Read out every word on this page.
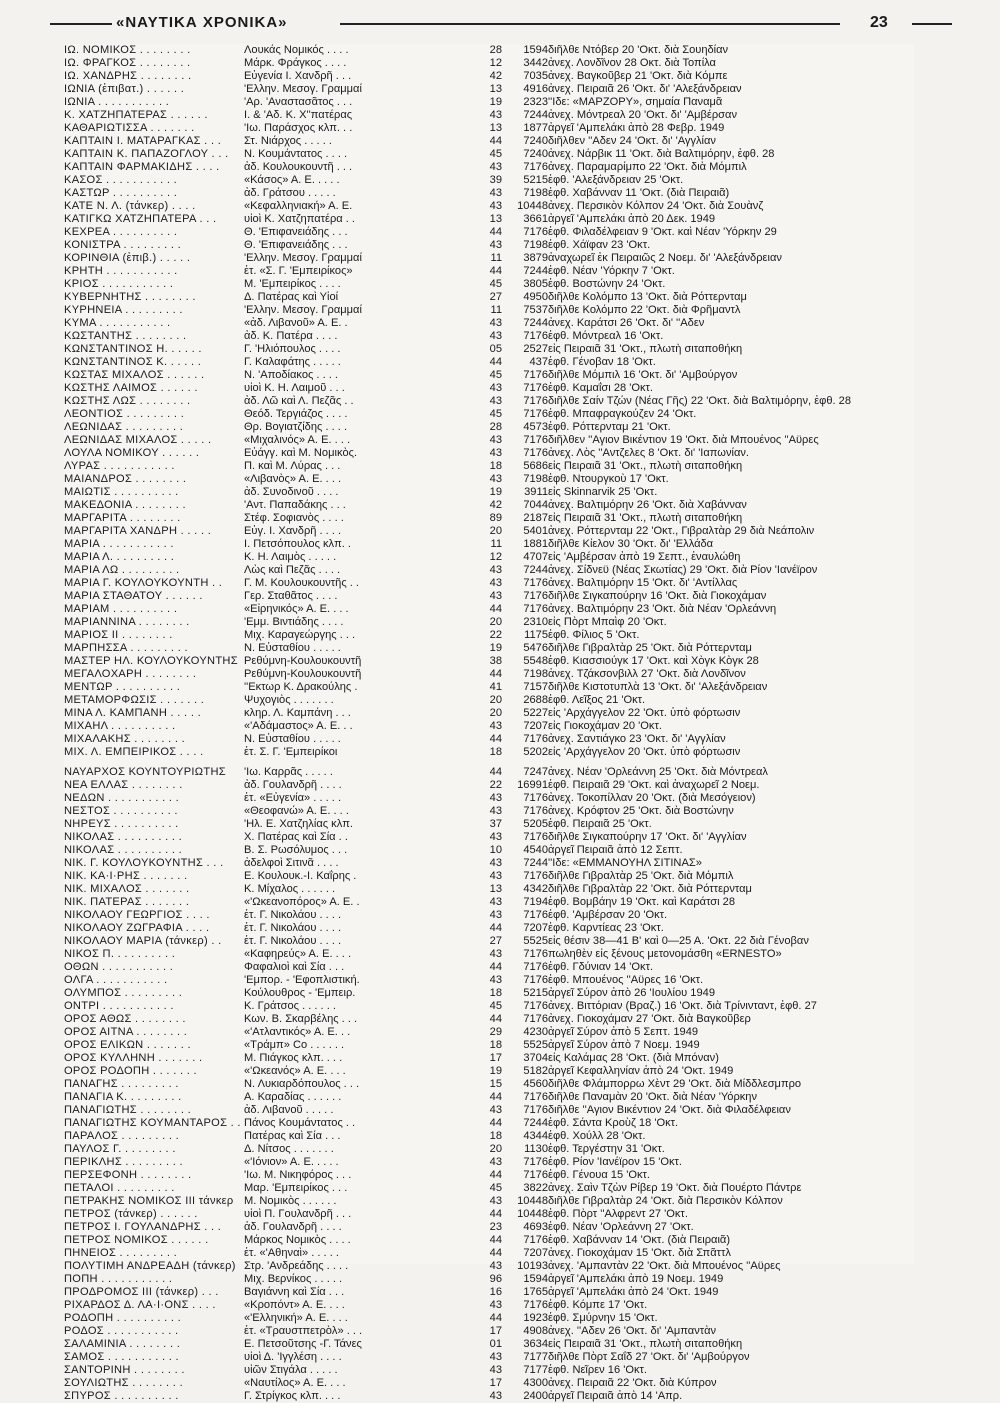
«ΝΑΥΤΙΚΑ ΧΡΟΝΙΚΑ»	23
ΙΩ. ΝΟΜΙΚΟΣ . . . . . . . .	Λουκάς Νομικός . . . .	28	1594	διῆλθε Ντόβερ 20 'Οκτ. διὰ Σουηδίαν
ΙΩ. ΦΡΑΓΚΟΣ . . . . . . . .	Μάρκ. Φράγκος . . . .	12	3442	ἀνεχ. Λονδῖνον 28 Οκτ. διὰ Τοπίλα
ΙΩ. ΧΑΝΔΡΗΣ . . . . . . . .	Εὐγενία Ι. Χανδρῆ . . .	42	7035	ἀνεχ. Βαγκοῦβερ 21 'Οκτ. διὰ Κόμπε
ΙΩΝΙΑ (ἐπιβατ.) . . . . . .	'Ελλην. Μεσογ. Γραμμαί	13	4916	ἀνεχ. Πειραιᾶ 26 'Οκτ. δι' 'Αλεξάνδρειαν
ΙΩΝΙΑ . . . . . . . . . . .	'Αρ. 'Αναστασᾶτος . . .	19	2323	''Ιδε: «ΜΑΡΖΟΡΥ», σημαία Παναμᾶ
Κ. ΧΑΤΖΗΠΑΤΕΡΑΣ . . . . . .	Ι. & 'Αδ. Κ. Χ''πατέρας	43	7244	ἀνεχ. Μόντρεαλ 20 'Οκτ. δι' 'Αμβέρσαν
ΚΑΘΑΡΙΩΤΙΣΣΑ . . . . . . .	'Ιω. Παράσχος κλπ. . .	13	1877	ἀργεῖ 'Αμπελάκι ἀπὸ 28 Φεβρ. 1949
ΚΑΠΤΑΙΝ Ι. ΜΑΤΑΡΑΓΚΑΣ . . .	Στ. Νιάρχος . . . . .	44	7240	διῆλθεν ''Αδεν 24 'Οκτ. δι' 'Αγγλίαν
ΚΑΠΤΑΙΝ Κ. ΠΑΠΑΖΟΓΛΟΥ . . .	Ν. Κουμάντατος . . . .	45	7240	ἀνεχ. Νάρβικ 11 'Οκτ. διὰ Βαλτιμόρην, ἐφθ. 28
ΚΑΠΤΑΙΝ ΦΑΡΜΑΚΙΔΗΣ . . . .	ἀδ. Κουλουκουντῆ . . .	43	7176	ἀνεχ. Παραμαρίμπο 22 'Οκτ. διὰ Μόμπιλ
ΚΑΣΟΣ . . . . . . . . . . .	«Κάσος» Α. Ε. . . . .	39	5215	ἐφθ. 'Αλεξάνδρειαν 25 'Οκτ.
ΚΑΣΤΩΡ . . . . . . . . . .	ἀδ. Γράτσου . . . . .	43	7198	ἐφθ. Χαβάνναν 11 'Οκτ. (διὰ Πειραιᾶ)
ΚΑΤΕ Ν. Λ. (τάνκερ) . . . .	«Κεφαλληνιακή» Α. Ε.	43	10448	ἀνεχ. Περσικὸν Κόλπον 24 'Οκτ. διὰ Σουὰνζ
ΚΑΤΙΓΚΩ ΧΑΤΖΗΠΑΤΕΡΑ . . .	υἱοὶ Κ. Χατζηπατέρα . .	13	3661	ἀργεῖ 'Αμπελάκι ἀπὸ 20 Δεκ. 1949
ΚΕΧΡΕΑ . . . . . . . . . .	Θ. 'Επιφανειάδης . . .	44	7176	ἐφθ. Φιλαδέλφειαν 9 'Οκτ. καὶ Νέαν 'Υόρκην 29
ΚΟΝΙΣΤΡΑ . . . . . . . . .	Θ. 'Επιφανειάδης . . .	43	7198	ἐφθ. Χάϊφαν 23 'Οκτ.
ΚΟΡΙΝΘΙΑ (ἐπιβ.) . . . . .	'Ελλην. Μεσογ. Γραμμαί	11	3879	ἀναχωρεῖ ἐκ Πειραιῶς 2 Νοεμ. δι' 'Αλεξάνδρειαν
ΚΡΗΤΗ . . . . . . . . . . .	ἑτ. «Σ. Γ. 'Εμπειρίκος»	44	7244	ἐφθ. Νέαν 'Υόρκην 7 'Οκτ.
ΚΡΙΟΣ . . . . . . . . . . .	Μ. 'Εμπειρίκος . . . .	45	3805	ἐφθ. Βοστώνην 24 'Οκτ.
ΚΥΒΕΡΝΗΤΗΣ . . . . . . . .	Δ. Πατέρας καὶ Υἱοί	27	4950	διῆλθε Κολόμπο 13 'Οκτ. διὰ Ρόττερνταμ
ΚΥΡΗΝΕΙΑ . . . . . . . . .	'Ελλην. Μεσογ. Γραμμαί	11	7537	διῆλθε Κολόμπο 22 'Οκτ. διὰ Φρῆμαντλ
ΚΥΜΑ . . . . . . . . . . .	«ἀδ. Λιβανοῦ» Α. Ε. .	43	7244	ἀνεχ. Καράτσι 26 'Οκτ. δι' ''Αδεν
ΚΩΣΤΑΝΤΗΣ . . . . . . . .	ἀδ. Κ. Πατέρα . . . .	43	7176	ἐφθ. Μόντρεαλ 16 'Οκτ.
ΚΩΝΣΤΑΝΤΙΝΟΣ Η. . . . . .	Γ. 'Ηλιόπουλος . . . .	05	2527	εἰς Πειραιᾶ 31 'Οκτ., πλωτὴ σιταποθήκη
ΚΩΝΣΤΑΝΤΙΝΟΣ Κ. . . . . .	Γ. Καλαφάτης . . . . .	44	437	ἐφθ. Γένοβαν 18 'Οκτ.
ΚΩΣΤΑΣ ΜΙΧΑΛΟΣ . . . . . .	Ν. 'Αποδίακος . . . .	45	7176	διῆλθε Μόμπιλ 16 'Οκτ. δι' 'Αμβούργον
ΚΩΣΤΗΣ ΛΑΙΜΟΣ . . . . . .	υἱοὶ Κ. Η. Λαιμοῦ . . .	43	7176	ἐφθ. Καμαΐσι 28 'Οκτ.
ΚΩΣΤΗΣ ΛΩΣ . . . . . . . .	ἀδ. Λῶ καὶ Λ. Πεζᾶς . .	43	7176	διῆλθε Σαίν Τζών (Νέας Γῆς) 22 'Οκτ. διὰ Βαλτιμόρην, ἐφθ. 28
ΛΕΟΝΤΙΟΣ . . . . . . . . .	Θεόδ. Τεργιάζος . . . .	45	7176	ἐφθ. Μπαφραγκούζεν 24 'Οκτ.
ΛΕΩΝΙΔΑΣ . . . . . . . . .	Θρ. Βογιατζίδης . . . .	28	4573	ἐφθ. Ρόττερνταμ 21 'Οκτ.
ΛΕΩΝΙΔΑΣ ΜΙΧΑΛΟΣ . . . . .	«Μιχαλινός» Α. Ε. . . .	43	7176	διῆλθεν ''Αγιον Βικέντιον 19 'Οκτ. διὰ Μπουένος ''Αϋρες
ΛΟΥΛΑ ΝΟΜΙΚΟΥ . . . . . .	Εὐάγγ. καὶ Μ. Νομικὸς.	43	7176	ἀνεχ. Λὸς ''Αντζελες 8 'Οκτ. δι' 'Ιαπωνίαν.
ΛΥΡΑΣ . . . . . . . . . . .	Π. καὶ Μ. Λύρας . . .	18	5686	εἰς Πειραιᾶ 31 'Οκτ., πλωτὴ σιταποθήκη
ΜΑΙΑΝΔΡΟΣ . . . . . . . .	«Λιβανὸς» Α. Ε. . . .	43	7198	ἐφθ. Ντουργκοὺ 17 'Οκτ.
ΜΑΙΩΤΙΣ . . . . . . . . . .	ἀδ. Συνοδινοῦ . . . .	19	3911	εἰς Skinnarvik 25 'Οκτ.
ΜΑΚΕΔΟΝΙΑ . . . . . . . .	'Αντ. Παπαδάκης . . .	42	7044	ἀνεχ. Βαλτιμόρην 26 'Οκτ. διὰ Χαβάνναν
ΜΑΡΓΑΡΙΤΑ . . . . . . . .	Στέφ. Σοφιανὸς . . . .	89	2187	εἰς Πειραιᾶ 31 'Οκτ., πλωτὴ σιταποθήκη
ΜΑΡΓΑΡΙΤΑ ΧΑΝΔΡΗ . . . . .	Εὐγ. Ι. Χανδρῆ . . . .	20	5401	ἀνεχ. Ρόττερνταμ 22 'Οκτ., Γιβραλτὰρ 29 διὰ Νεάπολιν
ΜΑΡΙΑ . . . . . . . . . . .	Ι. Πετσόπουλος κλπ. .	11	1881	διῆλθε Κίελον 30 'Οκτ. δι' 'Ελλάδα
ΜΑΡΙΑ Λ. . . . . . . . . .	Κ. Η. Λαιμὸς . . . . .	12	4707	εἰς 'Αμβέρσαν ἀπὸ 19 Σεπτ., ἐναυλώθη
ΜΑΡΙΑ ΛΩ . . . . . . . . .	Λὼς καὶ Πεζᾶς . . . .	43	7244	ἀνεχ. Σίδνεϋ (Νέας Σκωτίας) 29 'Οκτ. διὰ Ρίον 'Ιανέϊρον
ΜΑΡΙΑ Γ. ΚΟΥΛΟΥΚΟΥΝΤΗ . .	Γ. Μ. Κουλουκουντῆς . .	43	7176	ἀνεχ. Βαλτιμόρην 15 'Οκτ. δι' 'Αντίλλας
ΜΑΡΙΑ ΣΤΑΘΑΤΟΥ . . . . . .	Γερ. Σταθᾶτος . . . .	43	7176	διῆλθε Σιγκαπούρην 16 'Οκτ. διὰ Γιοκοχάμαν
ΜΑΡΙΑΜ . . . . . . . . . .	«Εἰρηνικός» Α. Ε. . . .	44	7176	ἀνεχ. Βαλτιμόρην 23 'Οκτ. διὰ Νέαν 'Ορλεάννη
ΜΑΡΙΑΝΝΙΝΑ . . . . . . . .	'Εμμ. Βιντιάδης . . . .	20	2310	εἰς Πὸρτ Μπαὶφ 20 'Οκτ.
ΜΑΡΙΟΣ ΙΙ . . . . . . . .	Μιχ. Καραγεώργης . . .	22	1175	ἐφθ. Φίλιος 5 'Οκτ.
ΜΑΡΠΗΣΣΑ . . . . . . . . .	Ν. Εὐσταθίου . . . . .	19	5476	διῆλθε Γιβραλτὰρ 25 'Οκτ. διὰ Ρόττερνταμ
ΜΑΣΤΕΡ ΗΛ. ΚΟΥΛΟΥΚΟΥΝΤΗΣ	Ρεθύμνη-Κουλουκουντῆ	38	5548	ἐφθ. Κιασσιούγκ 17 'Οκτ. καὶ Χὸγκ Κὸγκ 28
ΜΕΓΑΛΟΧΑΡΗ . . . . . . . .	Ρεθύμνη-Κουλουκουντῆ	44	7198	ἀνεχ. Τζάκσονβιλλ 27 'Οκτ. διὰ Λονδῖνον
ΜΕΝΤΩΡ . . . . . . . . . .	''Εκτωρ Κ. Δρακούλης .	41	7157	διῆλθε Κιστοτυπλὰ 13 'Οκτ. δι' 'Αλεξάνδρειαν
ΜΕΤΑΜΟΡΦΩΣΙΣ . . . . . . .	Ψυχογιὸς . . . . . . .	20	2688	ἐφθ. Λεῖξος 21 'Οκτ.
ΜΙΝΑ Λ. ΚΑΜΠΑΝΗ . . . . .	κληρ. Λ. Καμπάνη . . .	20	5227	εἰς 'Αρχάγγελον 22 'Οκτ. ὑπὸ φόρτωσιν
ΜΙΧΑΗΛ . . . . . . . . . .	«'Αδάμαστος» Α. Ε. . .	43	7207	εἰς Γιοκοχάμαν 20 'Οκτ.
ΜΙΧΑΛΑΚΗΣ . . . . . . . .	Ν. Εὐσταθίου . . . . .	44	7176	ἀνεχ. Σαντιάγκο 23 'Οκτ. δι' 'Αγγλίαν
ΜΙΧ. Λ. ΕΜΠΕΙΡΙΚΟΣ . . . .	ἑτ. Σ. Γ. 'Εμπειρίκοι	18	5202	εἰς 'Αρχάγγελον 20 'Οκτ. ὑπὸ φόρτωσιν

ΝΑΥΑΡΧΟΣ ΚΟΥΝΤΟΥΡΙΩΤΗΣ	'Ιω. Καρρᾶς . . . . .	44	7247	ἀνεχ. Νέαν 'Ορλεάννη 25 'Οκτ. διὰ Μόντρεαλ
ΝΕΑ ΕΛΛΑΣ . . . . . . . .	ἀδ. Γουλανδρῆ . . . .	22	16991	ἐφθ. Πειραιᾶ 29 'Οκτ. καὶ ἀναχωρεῖ 2 Νοεμ.
ΝΕΔΩΝ . . . . . . . . . . .	ἑτ. «Εὐγενία» . . . . .	43	7176	ἀνεχ. Τοκοπίλλαν 20 'Οκτ. (διὰ Μεσόγειον)
ΝΕΣΤΟΣ . . . . . . . . . .	«Θεοφανώ» Α. Ε. . . .	43	7176	ἀνεχ. Κρόφτον 25 'Οκτ. διὰ Βοστώνην
ΝΗΡΕΥΣ . . . . . . . . . .	'Ηλ. Ε. Χατζηλίας κλπ.	37	5205	ἐφθ. Πειραιᾶ 25 'Οκτ.
ΝΙΚΟΛΑΣ . . . . . . . . . .	Χ. Πατέρας καὶ Σία . .	43	7176	διῆλθε Σιγκαπούρην 17 'Οκτ. δι' 'Αγγλίαν
ΝΙΚΟΛΑΣ . . . . . . . . . .	Β. Σ. Ρωσόλυμος . . .	10	4540	ἀργεῖ Πειραιᾶ ἀπὸ 12 Σεπτ.
ΝΙΚ. Γ. ΚΟΥΛΟΥΚΟΥΝΤΗΣ . . .	ἀδελφοὶ Σιτινᾶ . . . .	43	7244	''Ιδε: «ΕΜΜΑΝΟΥΗΛ ΣΙΤΙΝΑΣ»
ΝΙΚ. ΚΑ·Ι·ΡΗΣ . . . . . . .	Ε. Κουλουκ.-Ι. Καΐρης .	43	7176	διῆλθε Γιβραλτὰρ 25 'Οκτ. διὰ Μόμπιλ
ΝΙΚ. ΜΙΧΑΛΟΣ . . . . . . .	Κ. Μίχαλος . . . . . .	13	4342	διῆλθε Γιβραλτὰρ 22 'Οκτ. διὰ Ρόττερνταμ
ΝΙΚ. ΠΑΤΕΡΑΣ . . . . . . .	«'Ωκεανοπόρος» Α. Ε. .	43	7194	ἐφθ. Βομβάην 19 'Οκτ. καὶ Καράτσι 28
ΝΙΚΟΛΑΟΥ ΓΕΩΡΓΙΟΣ . . . .	ἑτ. Γ. Νικολάου . . . .	43	7176	ἐφθ. 'Αμβέρσαν 20 'Οκτ.
ΝΙΚΟΛΑΟΥ ΖΩΓΡΑΦΙΑ . . . .	ἑτ. Γ. Νικολάου . . . .	44	7207	ἐφθ. Καρντίεας 23 'Οκτ.
ΝΙΚΟΛΑΟΥ ΜΑΡΙΑ (τάνκερ) . .	ἑτ. Γ. Νικολάου . . . .	27	5525	εἰς θέσιν 38—41 Β' καὶ 0—25 Α. 'Οκτ. 22 διὰ Γένοβαν
ΝΙΚΟΣ Π. . . . . . . . . .	«Καφηρεύς» Α. Ε. . . .	43	7176	πωληθὲν εἰς ξένους μετονομάσθη «ERNESTO»
ΟΘΩΝ . . . . . . . . . . .	Φαφαλιοὶ καὶ Σία . . .	44	7176	ἐφθ. Γδύνιαν 14 'Οκτ.
ΟΛΓΑ . . . . . . . . . . .	'Εμπορ. - 'Εφοπλιστική.	43	7176	ἐφθ. Μπουένος ''Αϋρες 16 'Οκτ.
ΟΛΥΜΠΟΣ . . . . . . . . .	Κούλουθρος - 'Εμπειρ.	18	5215	ἀργεῖ Σύρον ἀπὸ 26 'Ιουλίου 1949
ΟΝΤΡΙ . . . . . . . . . . .	Κ. Γράτσος . . . . . .	45	7176	ἀνεχ. Βιττόριαν (Βραζ.) 16 'Οκτ. διὰ Τρίνινταντ, ἐφθ. 27
ΟΡΟΣ ΑΘΩΣ . . . . . . . .	Κων. Β. Σκαρβέλης . . .	44	7176	ἀνεχ. Γιοκοχάμαν 27 'Οκτ. διὰ Βαγκοῦβερ
ΟΡΟΣ ΑΙΤΝΑ . . . . . . . .	«'Ατλαντικός» Α. Ε. . .	29	4230	ἀργεῖ Σύρον ἀπὸ 5 Σεπτ. 1949
ΟΡΟΣ ΕΛΙΚΩΝ . . . . . . .	«Τράμπ» Co . . . . . .	18	5525	ἀργεῖ Σύρον ἀπὸ 7 Νοεμ. 1949
ΟΡΟΣ ΚΥΛΛΗΝΗ . . . . . . .	Μ. Πιάγκος κλπ. . . .	17	3704	εἰς Καλάμας 28 'Οκτ. (διὰ Μπόναν)
ΟΡΟΣ ΡΟΔΟΠΗ . . . . . . .	«'Ωκεανός» Α. Ε. . . .	19	5182	ἀργεῖ Κεφαλληνίαν ἀπὸ 24 'Οκτ. 1949
ΠΑΝΑΓΗΣ . . . . . . . . .	Ν. Λυκιαρδόπουλος . . .	15	4560	διῆλθε Φλάμπορρω Χὲντ 29 'Οκτ. διὰ Μίδδλεσμπρο
ΠΑΝΑΓΙΑ Κ. . . . . . . . .	Α. Καραδίας . . . . . .	44	7176	διῆλθε Παναμὰν 20 'Οκτ. διὰ Νέαν 'Υόρκην
ΠΑΝΑΓΙΩΤΗΣ . . . . . . . .	ἀδ. Λιβανοῦ . . . . .	43	7176	διῆλθε ''Αγιον Βικέντιον 24 'Οκτ. διὰ Φιλαδέλφειαν
ΠΑΝΑΓΙΩΤΗΣ ΚΟΥΜΑΝΤΑΡΟΣ . .	Πάνος Κουμάντατος . .	44	7244	ἐφθ. Σάντα Κροὺζ 18 'Οκτ.
ΠΑΡΑΛΟΣ . . . . . . . . .	Πατέρας καὶ Σία . . .	18	4344	ἐφθ. Χούλλ 28 'Οκτ.
ΠΑΥΛΟΣ Γ. . . . . . . . .	Δ. Νίτσος . . . . . . .	20	1130	ἐφθ. Τεργέστην 31 'Οκτ.
ΠΕΡΙΚΛΗΣ . . . . . . . . .	«'Ιόνιον» Α. Ε. . . . .	43	7176	ἐφθ. Ρίον 'Ιανέϊρον 15 'Οκτ.
ΠΕΡΣΕΦΟΝΗ . . . . . . . .	'Ιω. Μ. Νικηφόρος . . .	44	7176	ἐφθ. Γένουα 15 'Οκτ.
ΠΕΤΑΛΟΙ . . . . . . . . .	Μαρ. 'Εμπειρίκος . . .	45	3822	ἀνεχ. Σαὶν Τζὼν Ρίβερ 19 'Οκτ. διὰ Πουέρτο Πάντρε
ΠΕΤΡΑΚΗΣ ΝΟΜΙΚΟΣ ΙΙΙ τάνκερ	Μ. Νομικὸς . . . . . .	43	10448	διῆλθε Γιβραλτὰρ 24 'Οκτ. διὰ Περσικὸν Κόλπον
ΠΕΤΡΟΣ (τάνκερ) . . . . . .	υἱοὶ Π. Γουλανδρῆ . . .	44	10448	ἐφθ. Πὸρτ ''Αλφρεντ 27 'Οκτ.
ΠΕΤΡΟΣ Ι. ΓΟΥΛΑΝΔΡΗΣ . . .	ἀδ. Γουλανδρῆ . . . .	23	4693	ἐφθ. Νέαν 'Ορλεάννη 27 'Οκτ.
ΠΕΤΡΟΣ ΝΟΜΙΚΟΣ . . . . . .	Μάρκος Νομικὸς . . . .	44	7176	ἐφθ. Χαβάνναν 14 'Οκτ. (διὰ Πειραιᾶ)
ΠΗΝΕΙΟΣ . . . . . . . . .	ἑτ. «'Αθηναὶ» . . . . .	44	7207	ἀνεχ. Γιοκοχάμαν 15 'Οκτ. διὰ Σπᾶττλ
ΠΟΛΥΤΙΜΗ ΑΝΔΡΕΑΔΗ (τάνκερ)	Στρ. 'Ανδρεάδης . . . .	43	10193	ἀνεχ. 'Αμπαντὰν 22 'Οκτ. διὰ Μπουένος ''Αϋρες
ΠΟΠΗ . . . . . . . . . . .	Μιχ. Βερνίκος . . . . .	96	1594	ἀργεῖ 'Αμπελάκι ἀπὸ 19 Νοεμ. 1949
ΠΡΟΔΡΟΜΟΣ ΙΙΙ (τάνκερ) . . .	Βαγιάννη καὶ Σία . . .	16	1765	ἀργεῖ 'Αμπελάκι ἀπὸ 24 'Οκτ. 1949
ΡΙΧΑΡΔΟΣ Δ. ΛΑ·Ι·ΟΝΣ . . . .	«Κροπόντ» Α. Ε. . . .	43	7176	ἐφθ. Κόμπε 17 'Οκτ.
ΡΟΔΟΠΗ . . . . . . . . . .	«'Ελληνική» Α. Ε. . . .	44	1923	ἐφθ. Σμύρνην 15 'Οκτ.
ΡΟΔΟΣ . . . . . . . . . . .	ἑτ. «Τραυστπετρὸλ» . . .	17	4908	ἀνεχ. ''Αδεν 26 'Οκτ. δι' 'Αμπαντὰν
ΣΑΛΑΜΙΝΙΑ . . . . . . . .	Ε. Πετσοῦτσης -Γ. Τάνες	01	3634	εἰς Πειραιᾶ 31 'Οκτ., πλωτὴ σιταποθήκη
ΣΑΜΟΣ . . . . . . . . . . .	υἱοὶ Δ. 'Ιγγλέση . . . .	43	7177	διῆλθε Πὸρτ Σαΐδ 27 'Οκτ. δι' 'Αμβούργον
ΣΑΝΤΟΡΙΝΗ . . . . . . . .	υἱῶν Στιγάλα . . . . .	43	7177	ἐφθ. Νεῖρεν 16 'Οκτ.
ΣΟΥΛΙΩΤΗΣ . . . . . . . .	«Ναυτίλος» Α. Ε. . . .	17	4300	ἀνεχ. Πειραιᾶ 22 'Οκτ. διὰ Κύπρον
ΣΠΥΡΟΣ . . . . . . . . . .	Γ. Στρίγκος κλπ. . . .	43	2400	ἀργεῖ Πειραιᾶ ἀπὸ 14 'Απρ.
